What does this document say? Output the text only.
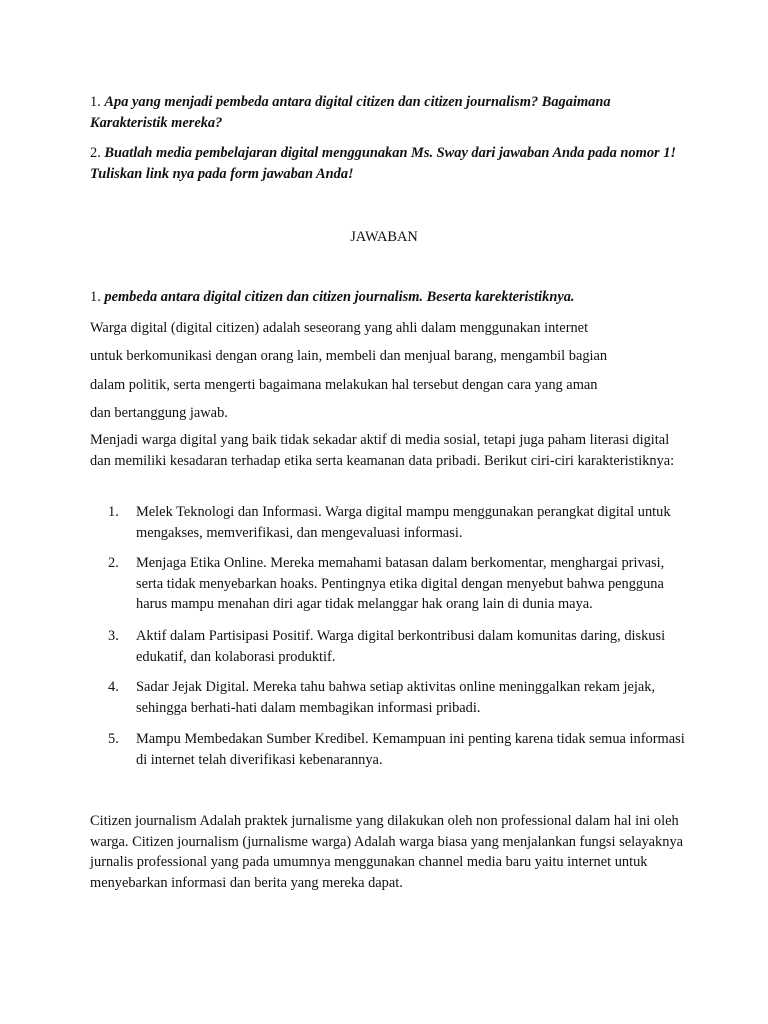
1. Apa yang menjadi pembeda antara digital citizen dan citizen journalism? Bagaimana Karakteristik mereka?

2. Buatlah media pembelajaran digital menggunakan Ms. Sway dari jawaban Anda pada nomor 1! Tuliskan link nya pada form jawaban Anda!

JAWABAN

1. pembeda antara digital citizen dan citizen journalism. Beserta karekteristiknya.

Warga digital (digital citizen) adalah seseorang yang ahli dalam menggunakan internet
untuk berkomunikasi dengan orang lain, membeli dan menjual barang, mengambil bagian
dalam politik, serta mengerti bagaimana melakukan hal tersebut dengan cara yang aman
dan bertanggung jawab.

Menjadi warga digital yang baik tidak sekadar aktif di media sosial, tetapi juga paham literasi digital dan memiliki kesadaran terhadap etika serta keamanan data pribadi. Berikut ciri-ciri karakteristiknya:

1.	Melek Teknologi dan Informasi. Warga digital mampu menggunakan perangkat digital untuk mengakses, memverifikasi, dan mengevaluasi informasi.
2.	Menjaga Etika Online. Mereka memahami batasan dalam berkomentar, menghargai privasi, serta tidak menyebarkan hoaks. Pentingnya etika digital dengan menyebut bahwa pengguna harus mampu menahan diri agar tidak melanggar hak orang lain di dunia maya.
3.	Aktif dalam Partisipasi Positif. Warga digital berkontribusi dalam komunitas daring, diskusi edukatif, dan kolaborasi produktif.
4.	Sadar Jejak Digital. Mereka tahu bahwa setiap aktivitas online meninggalkan rekam jejak, sehingga berhati-hati dalam membagikan informasi pribadi.
5.	Mampu Membedakan Sumber Kredibel. Kemampuan ini penting karena tidak semua informasi di internet telah diverifikasi kebenarannya.

Citizen journalism Adalah praktek jurnalisme yang dilakukan oleh non professional dalam hal ini oleh warga. Citizen journalism (jurnalisme warga) Adalah warga biasa yang menjalankan fungsi selayaknya jurnalis professional yang pada umumnya menggunakan channel media baru yaitu internet untuk menyebarkan informasi dan berita yang mereka dapat.
